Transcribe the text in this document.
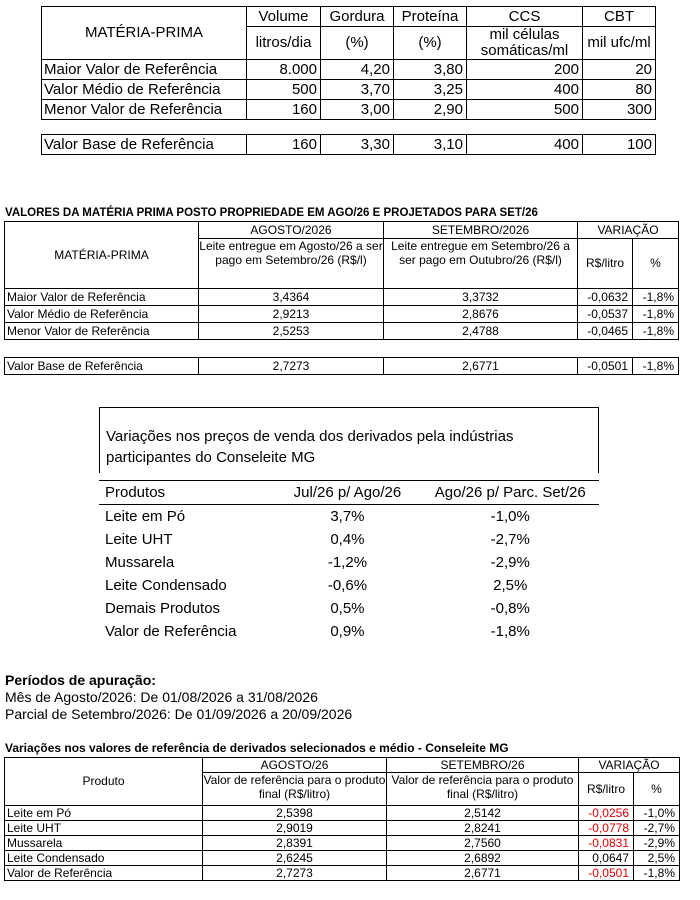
MATÉRIA-PRIMA	Volume	Gordura	Proteína	CCS	CBT
	litros/dia	(%)	(%)	mil células somáticas/ml	mil ufc/ml
Maior Valor de Referência	8.000	4,20	3,80	200	20
Valor Médio de Referência	500	3,70	3,25	400	80
Menor Valor de Referência	160	3,00	2,90	500	300

Valor Base de Referência	160	3,30	3,10	400	100

VALORES DA MATÉRIA PRIMA POSTO PROPRIEDADE EM AGO/26 E PROJETADOS PARA SET/26

MATÉRIA-PRIMA	AGOSTO/2026	SETEMBRO/2026	VARIAÇÃO	
	Leite entregue em Agosto/26 a ser pago em Setembro/26 (R$/l)	Leite entregue em Setembro/26 a ser pago em Outubro/26 (R$/l)	R$/litro	%
Maior Valor de Referência	3,4364	3,3732	-0,0632	-1,8%
Valor Médio de Referência	2,9213	2,8676	-0,0537	-1,8%
Menor Valor de Referência	2,5253	2,4788	-0,0465	-1,8%

Valor Base de Referência	2,7273	2,6771	-0,0501	-1,8%

Variações nos preços de venda dos derivados pela indústrias participantes do Conseleite MG

Produtos	Jul/26 p/ Ago/26	Ago/26 p/ Parc. Set/26
Leite em Pó	3,7%	-1,0%
Leite UHT	0,4%	-2,7%
Mussarela	-1,2%	-2,9%
Leite Condensado	-0,6%	2,5%
Demais Produtos	0,5%	-0,8%
Valor de Referência	0,9%	-1,8%
Períodos de apuração:
Mês de Agosto/2026: De 01/08/2026 a 31/08/2026
Parcial de Setembro/2026: De 01/09/2026 a 20/09/2026

Variações nos valores de referência de derivados selecionados e médio - Conseleite MG

Produto	AGOSTO/26	SETEMBRO/26	VARIAÇÃO	
	Valor de referência para o produto final (R$/litro)	Valor de referência para o produto final (R$/litro)	R$/litro	%
Leite em Pó	2,5398	2,5142	-0,0256	-1,0%
Leite UHT	2,9019	2,8241	-0,0778	-2,7%
Mussarela	2,8391	2,7560	-0,0831	-2,9%
Leite Condensado	2,6245	2,6892	0,0647	2,5%
Valor de Referência	2,7273	2,6771	-0,0501	-1,8%
